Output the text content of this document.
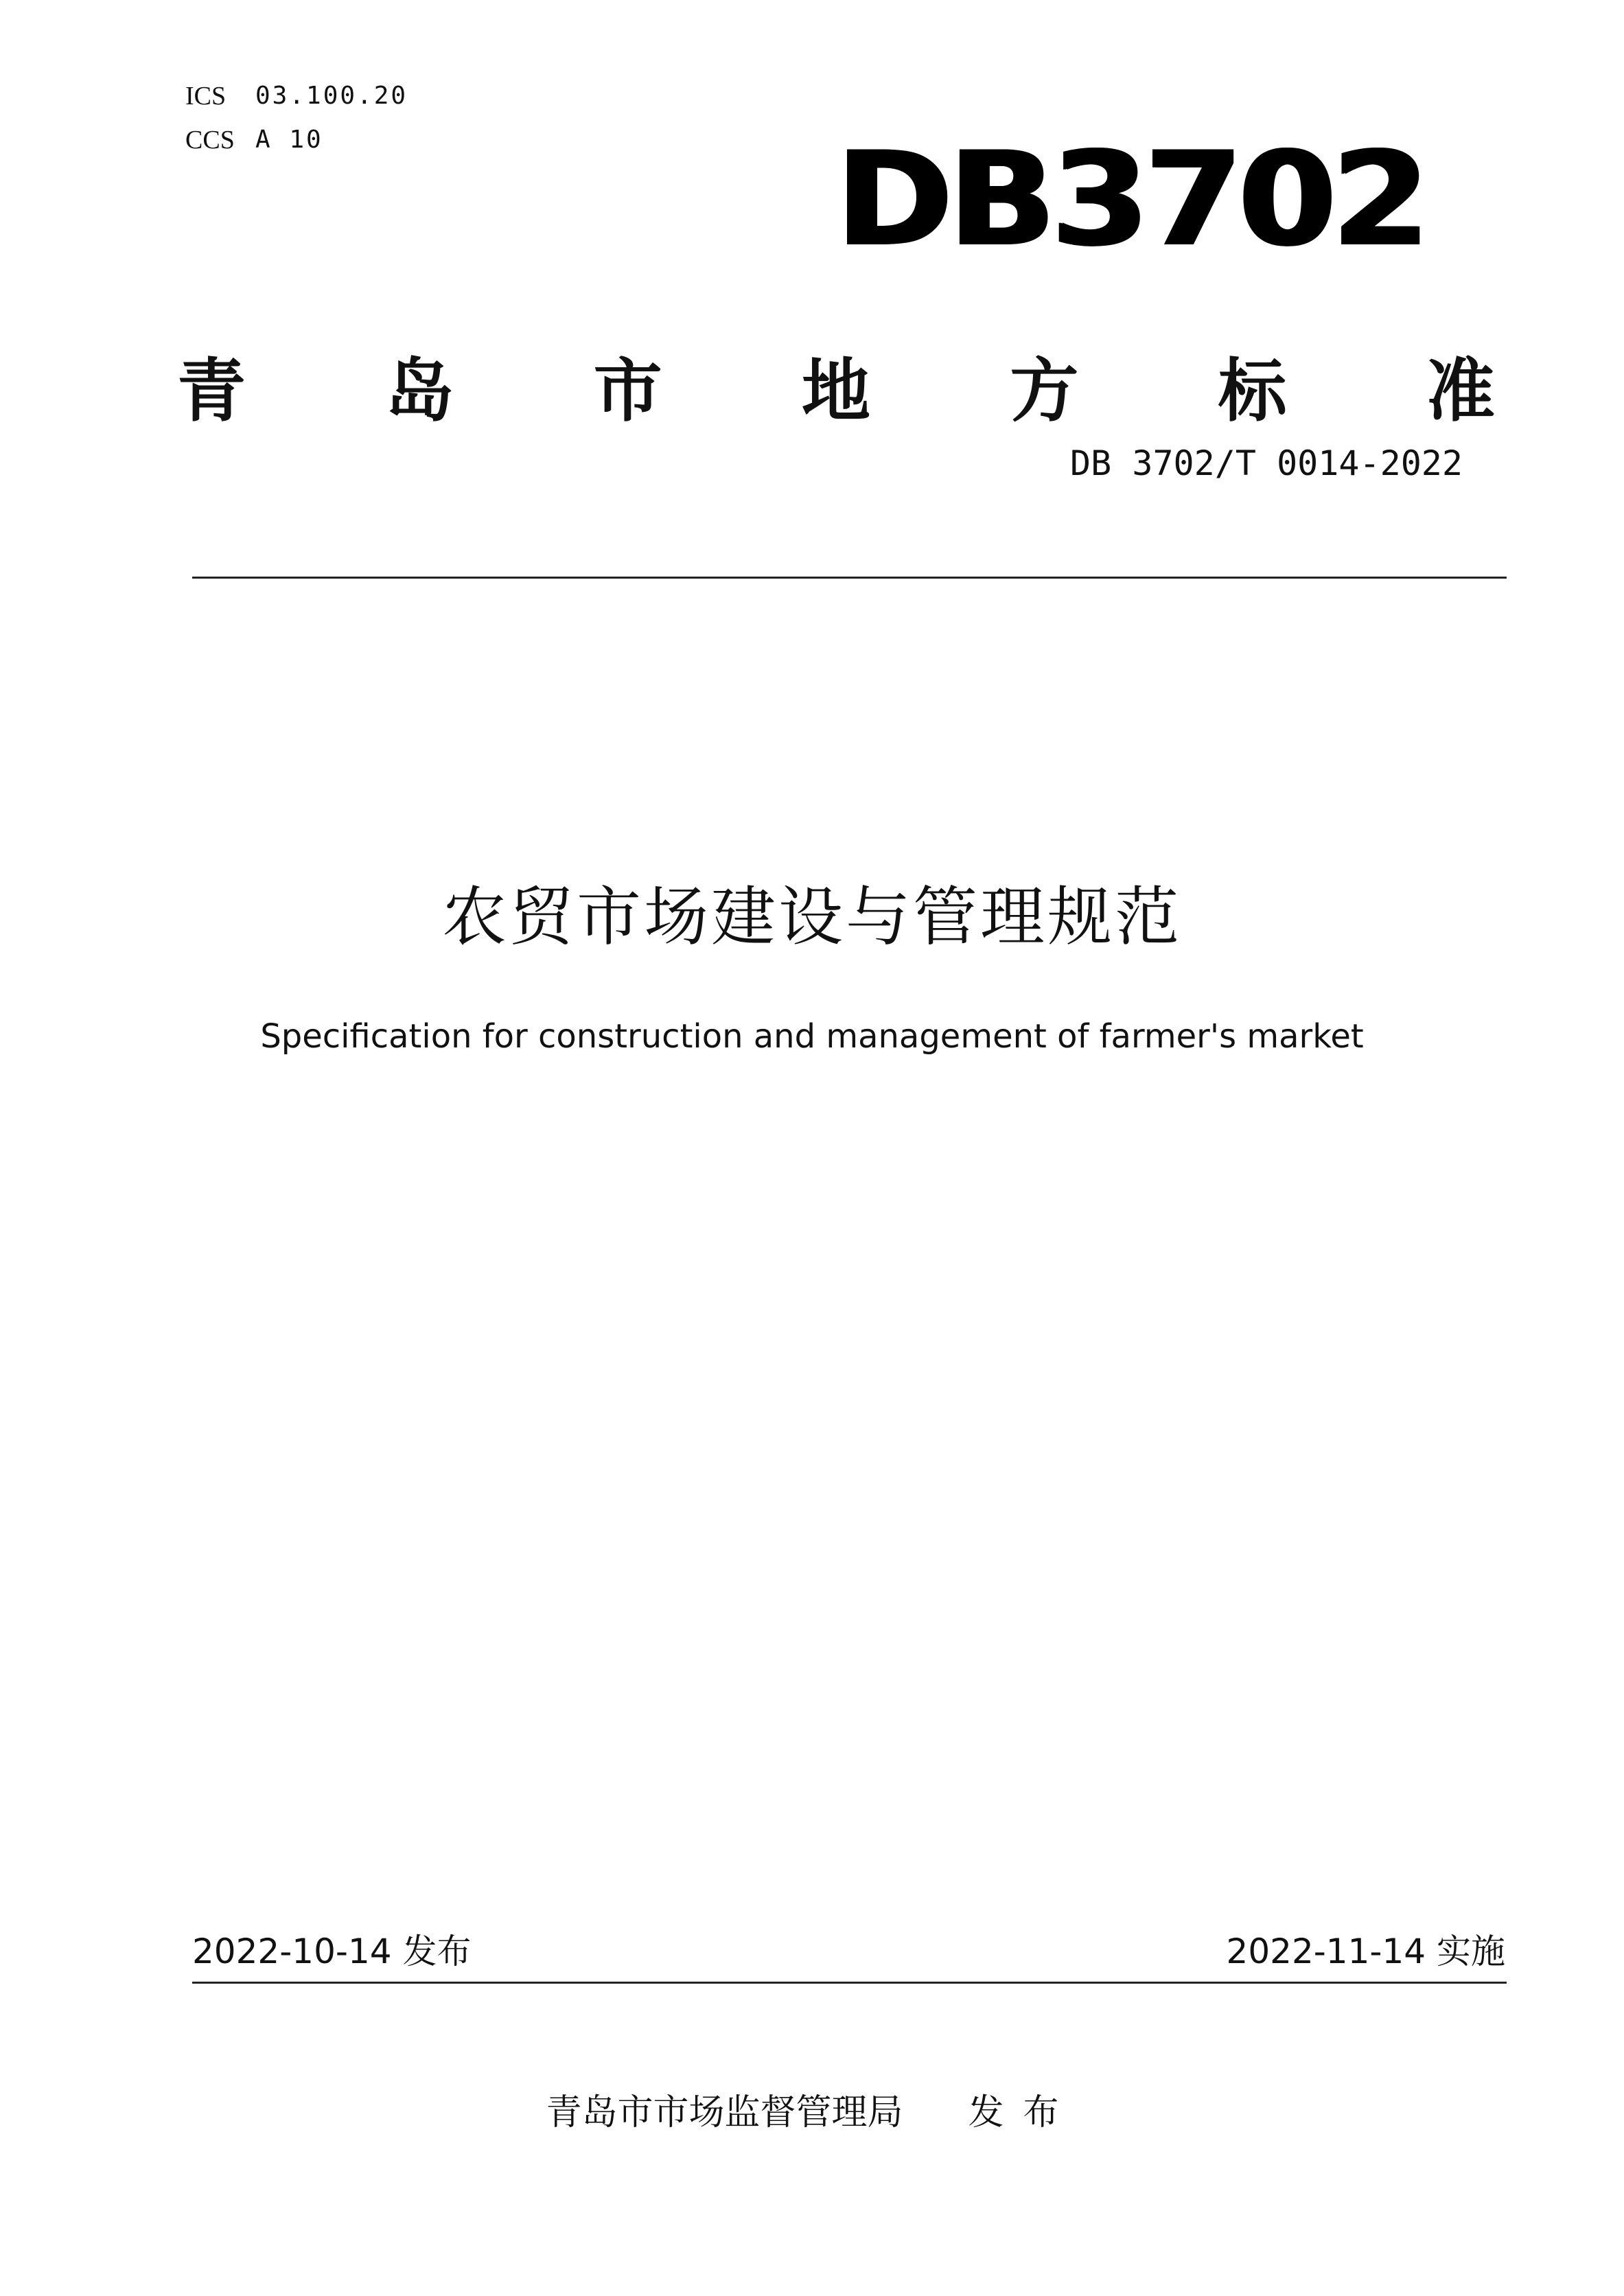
ICS	03.100.20
CCS A 10	DB3702
青 岛 市 地 方 标 准
DB 3702/T 0014-2022
农贸市场建设与管理规范
Specification for construction and management of farmer's market
2022-10-14 发布	2022-11-14 实施
青岛市市场监督管理局 发布
